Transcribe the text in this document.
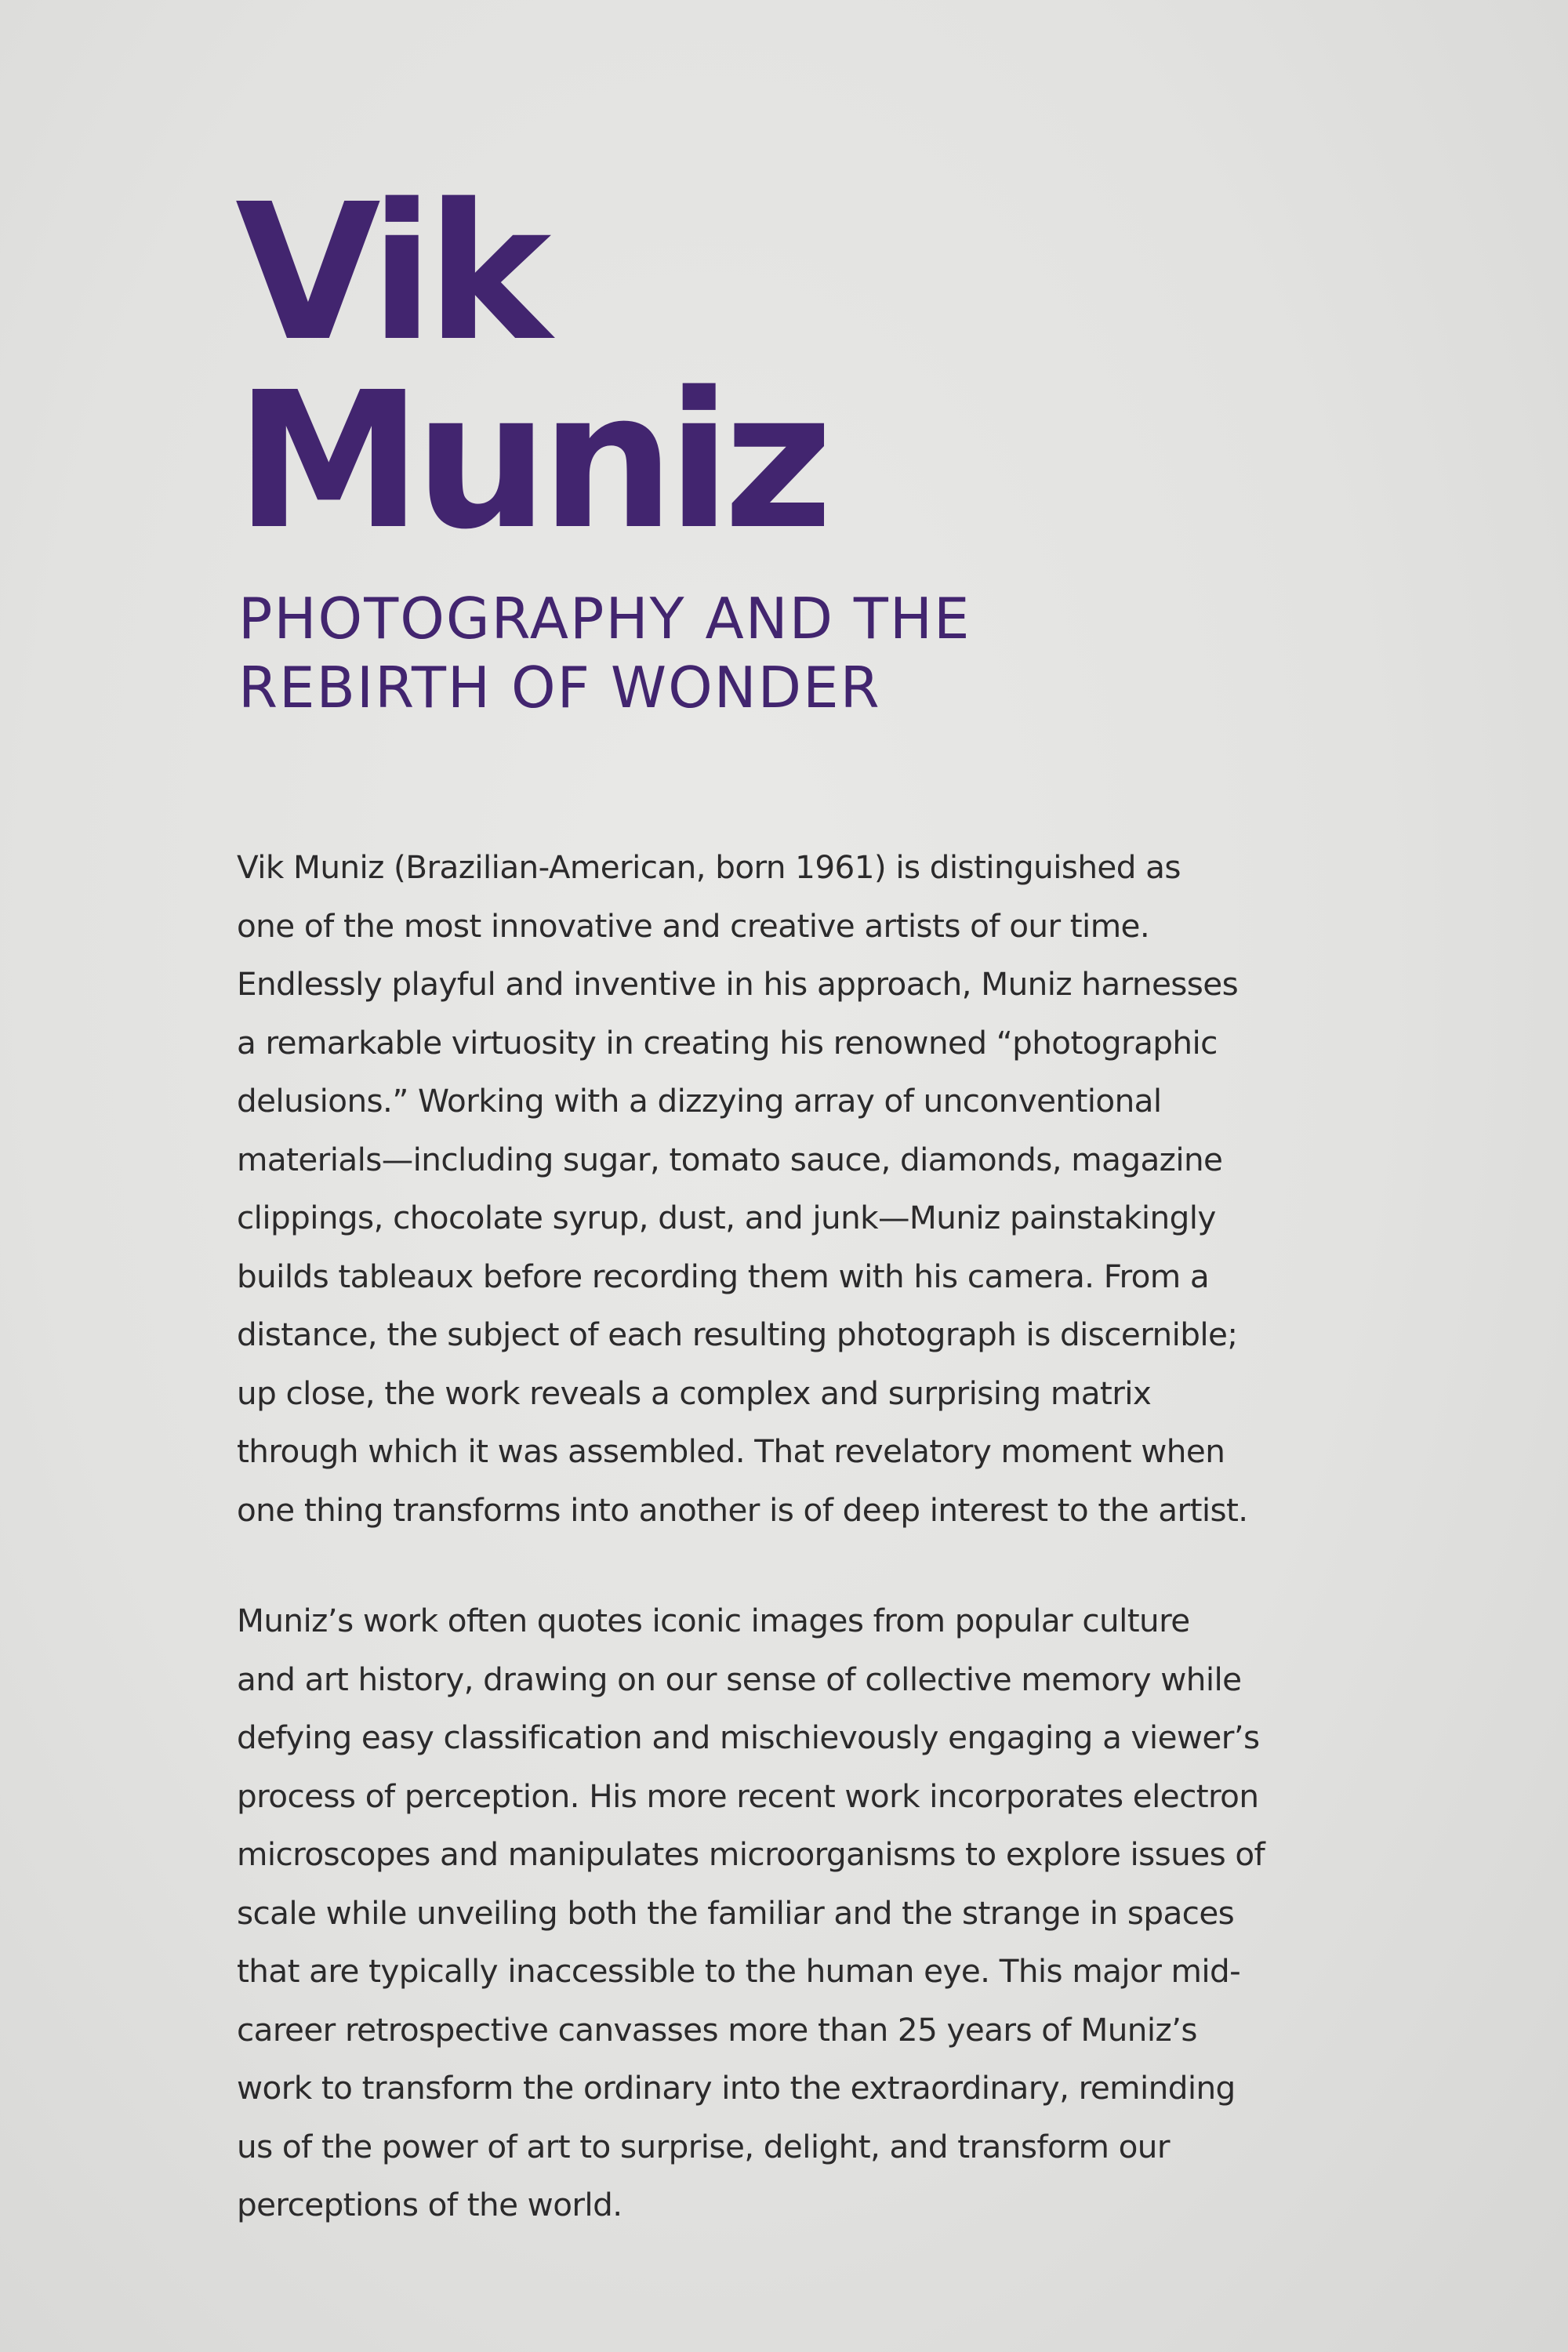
Vik
Muniz
PHOTOGRAPHY AND THE
REBIRTH OF WONDER
Vik Muniz (Brazilian-American, born 1961) is distinguished as
one of the most innovative and creative artists of our time.
Endlessly playful and inventive in his approach, Muniz harnesses
a remarkable virtuosity in creating his renowned “photographic
delusions.” Working with a dizzying array of unconventional
materials—including sugar, tomato sauce, diamonds, magazine
clippings, chocolate syrup, dust, and junk—Muniz painstakingly
builds tableaux before recording them with his camera. From a
distance, the subject of each resulting photograph is discernible;
up close, the work reveals a complex and surprising matrix
through which it was assembled. That revelatory moment when
one thing transforms into another is of deep interest to the artist.
Muniz’s work often quotes iconic images from popular culture
and art history, drawing on our sense of collective memory while
defying easy classification and mischievously engaging a viewer’s
process of perception. His more recent work incorporates electron
microscopes and manipulates microorganisms to explore issues of
scale while unveiling both the familiar and the strange in spaces
that are typically inaccessible to the human eye. This major mid-
career retrospective canvasses more than 25 years of Muniz’s
work to transform the ordinary into the extraordinary, reminding
us of the power of art to surprise, delight, and transform our
perceptions of the world.
